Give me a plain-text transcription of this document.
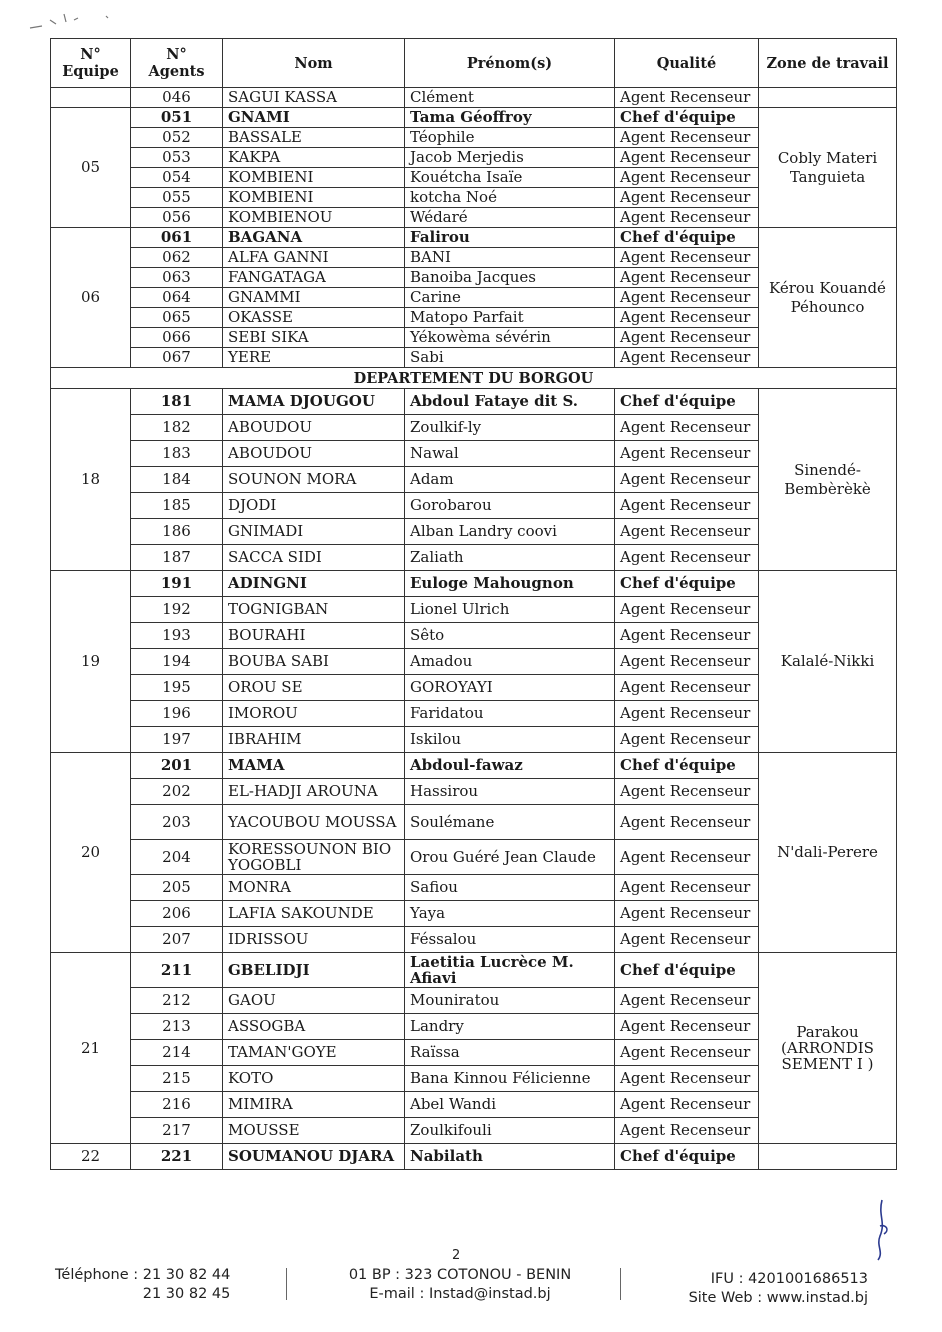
N° Equipe	N° Agents	Nom	Prénom(s)	Qualité	Zone de travail
	046	SAGUI KASSA	Clément	Agent Recenseur	
05	051	GNAMI	Tama Géoffroy	Chef d'équipe	Cobly Materi Tanguieta
	052	BASSALE	Téophile	Agent Recenseur	
	053	KAKPA	Jacob Merjedis	Agent Recenseur	
	054	KOMBIENI	Kouétcha Isaïe	Agent Recenseur	
	055	KOMBIENI	kotcha Noé	Agent Recenseur	
	056	KOMBIENOU	Wédaré	Agent Recenseur	
06	061	BAGANA	Falirou	Chef d'équipe	Kérou Kouandé Péhounco
	062	ALFA GANNI	BANI	Agent Recenseur	
	063	FANGATAGA	Banoiba Jacques	Agent Recenseur	
	064	GNAMMI	Carine	Agent Recenseur	
	065	OKASSE	Matopo Parfait	Agent Recenseur	
	066	SEBI SIKA	Yékowèma sévérin	Agent Recenseur	
	067	YERE	Sabi	Agent Recenseur	
DEPARTEMENT DU BORGOU					
18	181	MAMA DJOUGOU	Abdoul Fataye dit S.	Chef d'équipe	Sinendé-Bembèrèkè
	182	ABOUDOU	Zoulkif-ly	Agent Recenseur	
	183	ABOUDOU	Nawal	Agent Recenseur	
	184	SOUNON MORA	Adam	Agent Recenseur	
	185	DJODI	Gorobarou	Agent Recenseur	
	186	GNIMADI	Alban Landry coovi	Agent Recenseur	
	187	SACCA SIDI	Zaliath	Agent Recenseur	
19	191	ADINGNI	Euloge Mahougnon	Chef d'équipe	Kalalé-Nikki
	192	TOGNIGBAN	Lionel Ulrich	Agent Recenseur	
	193	BOURAHI	Sêto	Agent Recenseur	
	194	BOUBA SABI	Amadou	Agent Recenseur	
	195	OROU SE	GOROYAYI	Agent Recenseur	
	196	IMOROU	Faridatou	Agent Recenseur	
	197	IBRAHIM	Iskilou	Agent Recenseur	
20	201	MAMA	Abdoul-fawaz	Chef d'équipe	N'dali-Perere
	202	EL-HADJI AROUNA	Hassirou	Agent Recenseur	
	203	YACOUBOU MOUSSA	Soulémane	Agent Recenseur	
	204	KORESSOUNON BIO YOGOBLI	Orou Guéré Jean Claude	Agent Recenseur	
	205	MONRA	Safiou	Agent Recenseur	
	206	LAFIA SAKOUNDE	Yaya	Agent Recenseur	
	207	IDRISSOU	Féssalou	Agent Recenseur	
21	211	GBELIDJI	Laetitia Lucrèce M. Afiavi	Chef d'équipe	Parakou (ARRONDIS SEMENT I )
	212	GAOU	Mouniratou	Agent Recenseur	
	213	ASSOGBA	Landry	Agent Recenseur	
	214	TAMAN'GOYE	Raïssa	Agent Recenseur	
	215	KOTO	Bana Kinnou Félicienne	Agent Recenseur	
	216	MIMIRA	Abel Wandi	Agent Recenseur	
	217	MOUSSE	Zoulkifouli	Agent Recenseur	
22	221	SOUMANOU DJARA	Nabilath	Chef d'équipe	
2
Téléphone : 21 30 82 44
21 30 82 45
01 BP : 323 COTONOU - BENIN
E-mail : Instad@instad.bj
IFU : 4201001686513
Site Web : www.instad.bj
